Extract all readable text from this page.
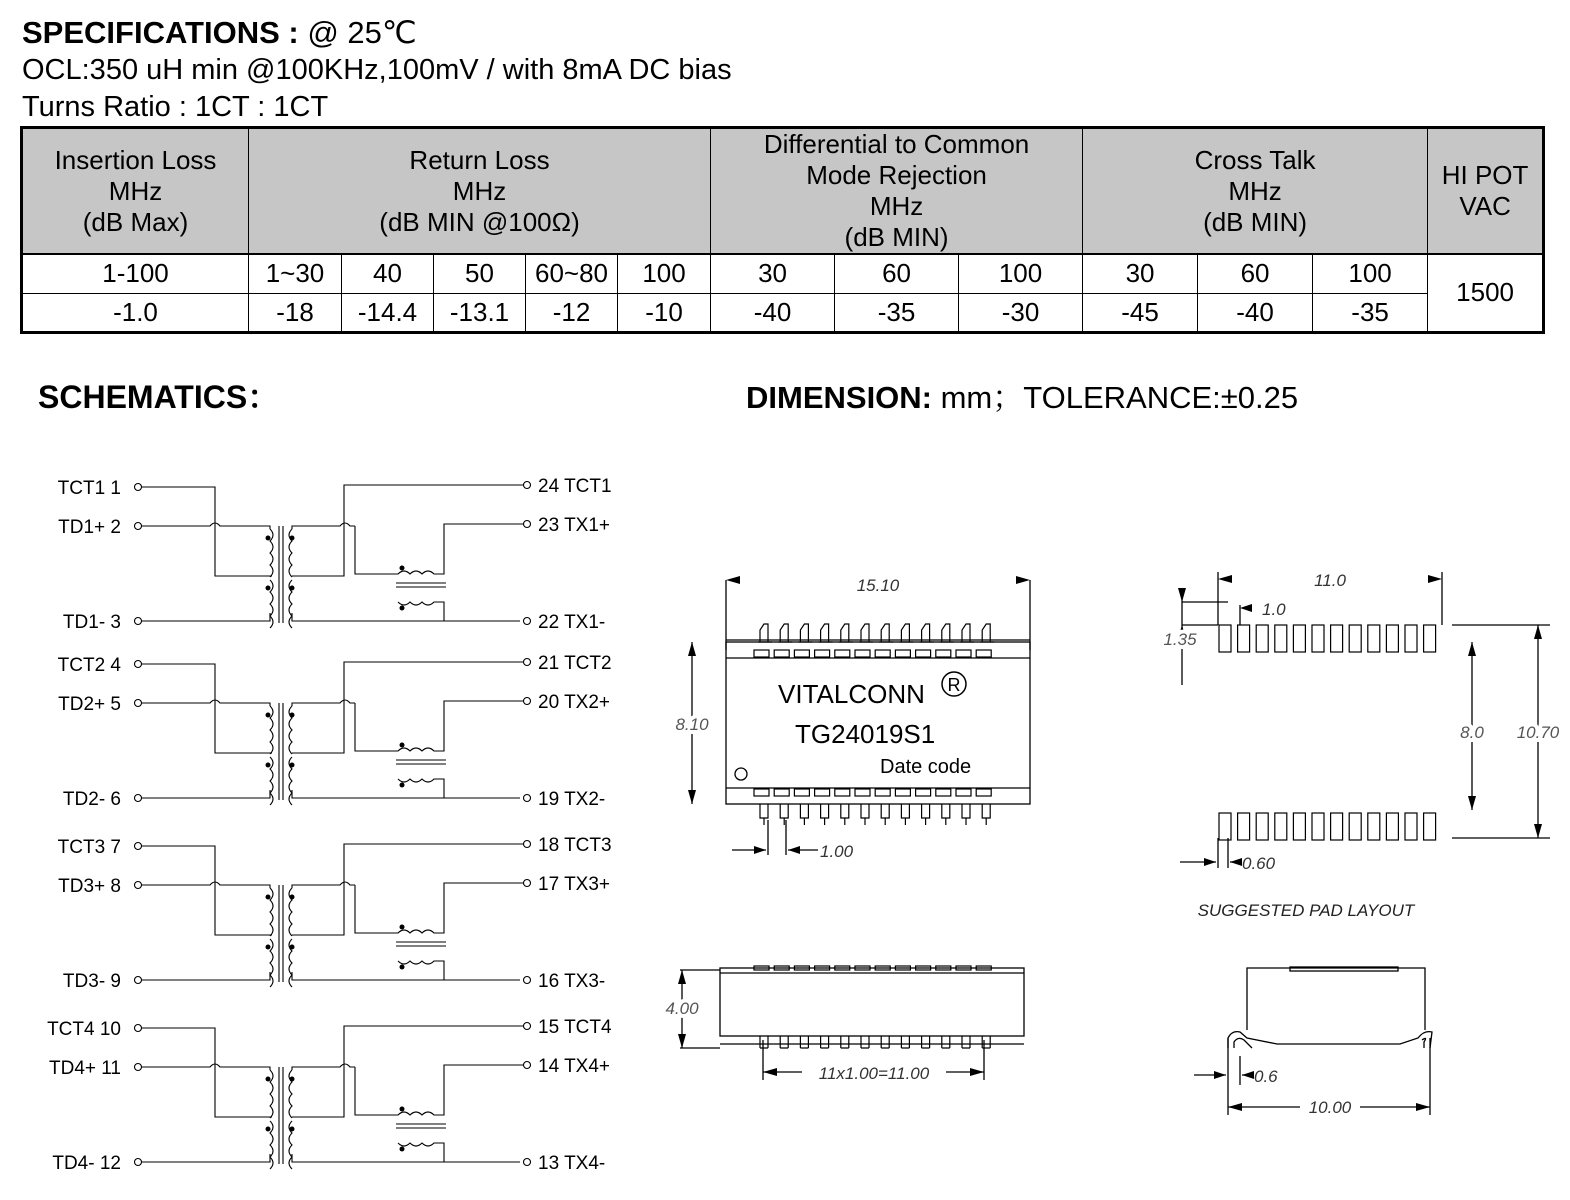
SPECIFICATIONS : @ 25℃
OCL:350 uH min @100KHz,100mV / with 8mA DC bias
Turns Ratio : 1CT : 1CT
Insertion Loss
MHz
(dB Max)	Return Loss
MHz
(dB MIN @100Ω)					Differential to Common
Mode Rejection
MHz
(dB MIN)			Cross Talk
MHz
(dB MIN)			HI POT
VAC

1-100	1~30	40	50	60~80	100	30	60	100	30	60	100	1500
-1.0	-18	-14.4	-13.1	-12	-10	-40	-35	-30	-45	-40	-35	
SCHEMATICS：	DIMENSION: mm；TOLERANCE:±0.25
TCT1 1
TD1+ 2
TD1- 3
24 TCT1
23 TX1+
22 TX1-
TCT2 4
TD2+ 5
TD2- 6
21 TCT2
20 TX2+
19 TX2-
TCT3 7
TD3+ 8
TD3- 9
18 TCT3
17 TX3+
16 TX3-
TCT4 10
TD4+ 11
TD4- 12
15 TCT4
14 TX4+
13 TX4-
15.10
8.10
1.00
11.0
1.0
1.35
8.0 10.70
0.60
4.00
11x1.00=11.00	0.6
10.00
SUGGESTED PAD LAYOUT
VITALCONN R
TG24019S1
Date code
